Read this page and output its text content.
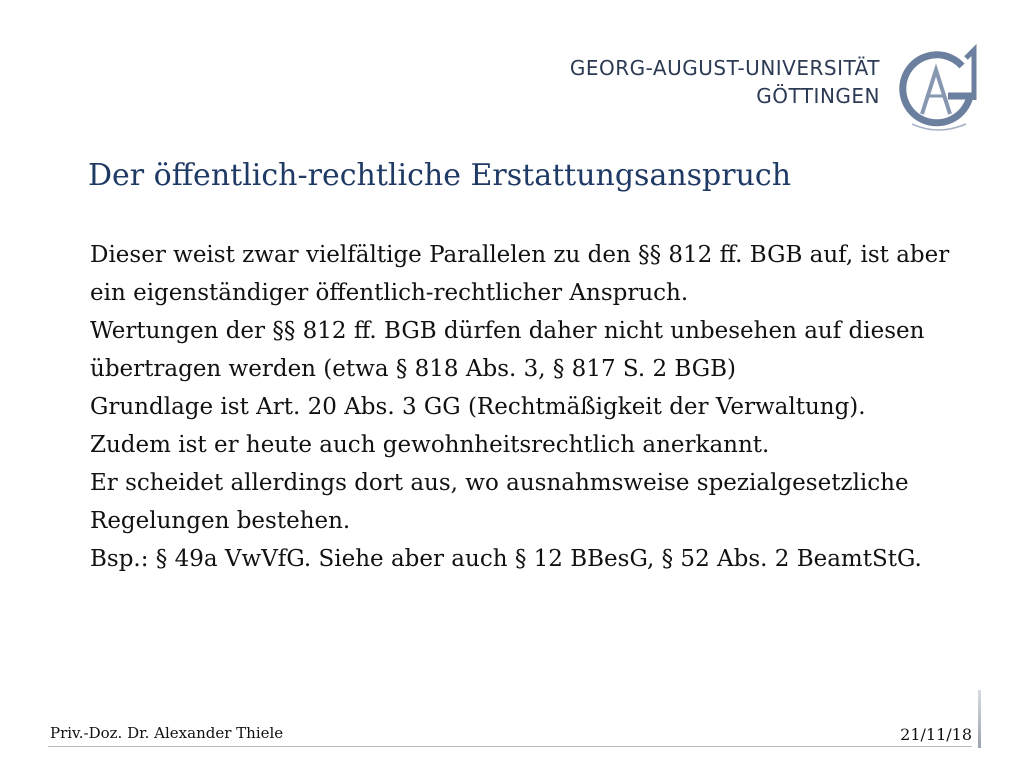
GEORG-AUGUST-UNIVERSITÄT
GÖTTINGEN
Der öffentlich-rechtliche Erstattungsanspruch

Dieser weist zwar vielfältige Parallelen zu den §§ 812 ff. BGB auf, ist aber ein eigenständiger öffentlich-rechtlicher Anspruch.

Wertungen der §§ 812 ff. BGB dürfen daher nicht unbesehen auf diesen übertragen werden (etwa § 818 Abs. 3, § 817 S. 2 BGB)

Grundlage ist Art. 20 Abs. 3 GG (Rechtmäßigkeit der Verwaltung). Zudem ist er heute auch gewohnheitsrechtlich anerkannt.

Er scheidet allerdings dort aus, wo ausnahmsweise spezialgesetzliche Regelungen bestehen.

Bsp.: § 49a VwVfG. Siehe aber auch § 12 BBesG, § 52 Abs. 2 BeamtStG.

Priv.-Doz. Dr. Alexander Thiele	21/11/18
